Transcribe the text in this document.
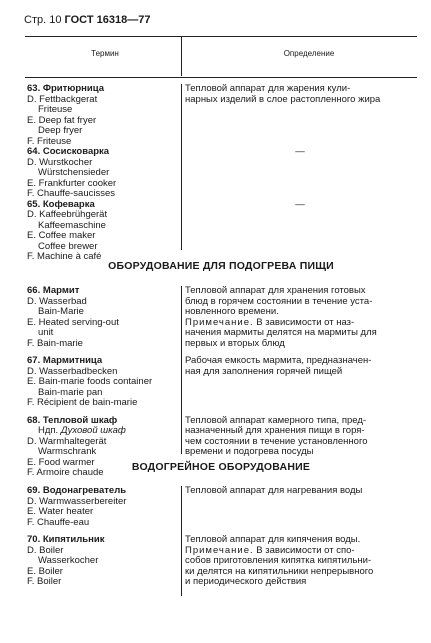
Стр. 10 ГОСТ 16318—77
Термин	Определение
63. Фритюрница
D. Fettbackgerat
Friteuse
E. Deep fat fryer
Deep fryer
F. Friteuse
64. Сосисковарка
D. Wurstkocher
Würstchensieder
E. Frankfurter cooker
F. Chauffe-saucisses
65. Кофеварка
D. Kaffeebrühgerät
Kaffeemaschine
E. Coffee maker
Coffee brewer
F. Machine à café
Тепловой аппарат для жарения кули-
нарных изделий в слое растопленного жира
—
—
ОБОРУДОВАНИЕ ДЛЯ ПОДОГРЕВА ПИЩИ
66. Мармит
D. Wasserbad
Bain-Marie
E. Heated serving-out
unit
F. Bain-marie
67. Мармитница
D. Wasserbadbecken
E. Bain-marie foods container
Bain-marie pan
F. Récipient de bain-marie
68. Тепловой шкаф
Ндп. Духовой шкаф
D. Warmhaltegerät
Warmschrank
E. Food warmer
F. Armoire chaude
Тепловой аппарат для хранения готовых
блюд в горячем состоянии в течение уста-
новленного времени.
Примечание. В зависимости от наз-
начения мармиты делятся на мармиты для
первых и вторых блюд
Рабочая емкость мармита, предназначен-
ная для заполнения горячей пищей
Тепловой аппарат камерного типа, пред-
назначенный для хранения пищи в горя-
чем состоянии в течение установленного
времени и подогрева посуды
ВОДОГРЕЙНОЕ ОБОРУДОВАНИЕ
69. Водонагреватель
D. Warmwasserbereiter
E. Water heater
F. Chauffe-eau
70. Кипятильник
D. Boiler
Wasserkocher
E. Boiler
F. Boiler
Тепловой аппарат для нагревания воды
Тепловой аппарат для кипячения воды.
Примечание. В зависимости от спо-
собов приготовления кипятка кипятильни-
ки делятся на кипятильники непрерывного
и периодического действия
